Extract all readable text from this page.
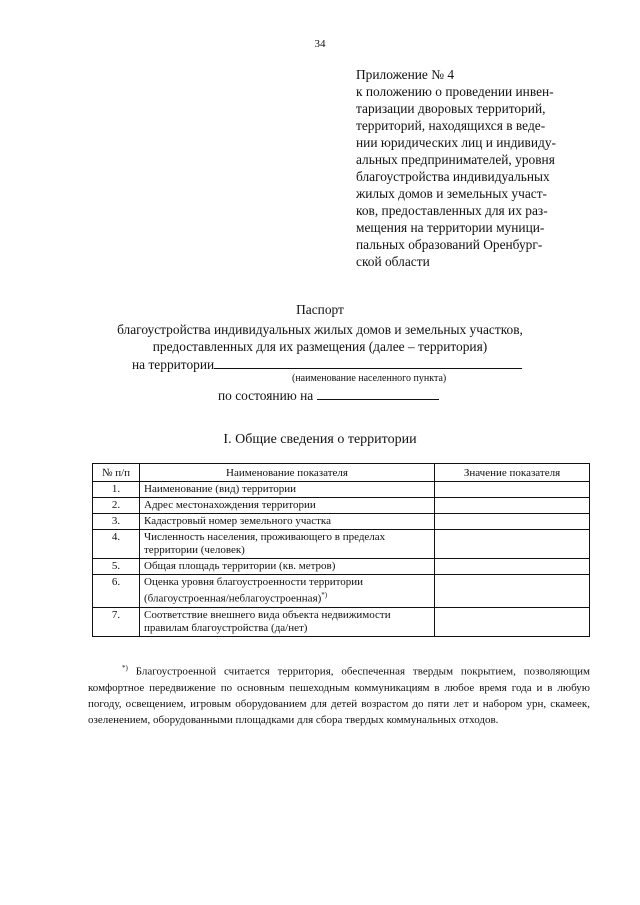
34
Приложение № 4
к положению о проведении инвен-
таризации дворовых территорий,
территорий, находящихся в веде-
нии юридических лиц и индивиду-
альных предпринимателей, уровня
благоустройства индивидуальных
жилых домов и земельных участ-
ков, предоставленных для их раз-
мещения на территории муници-
пальных образований Оренбург-
ской области
Паспорт
благоустройства индивидуальных жилых домов и земельных участков,
предоставленных для их размещения (далее – территория)
на территории
(наименование населенного пункта)
по состоянию на
I. Общие сведения о территории
№ п/п	Наименование показателя	Значение показателя
1.	Наименование (вид) территории	
2.	Адрес местонахождения территории	
3.	Кадастровый номер земельного участка	
4.	Численность населения, проживающего в пределах территории (человек)	
5.	Общая площадь территории (кв. метров)	
6.	Оценка уровня благоустроенности территории (благоустроенная/неблагоустроенная)*)	
7.	Соответствие внешнего вида объекта недвижимости правилам благоустройства (да/нет)	
*) Благоустроенной считается территория, обеспеченная твердым покрытием, позволяющим комфортное передвижение по основным пешеходным коммуникациям в любое время года и в любую погоду, освещением, игровым оборудованием для детей возрастом до пяти лет и набором урн, скамеек, озеленением, оборудованными площадками для сбора твердых коммунальных отходов.
